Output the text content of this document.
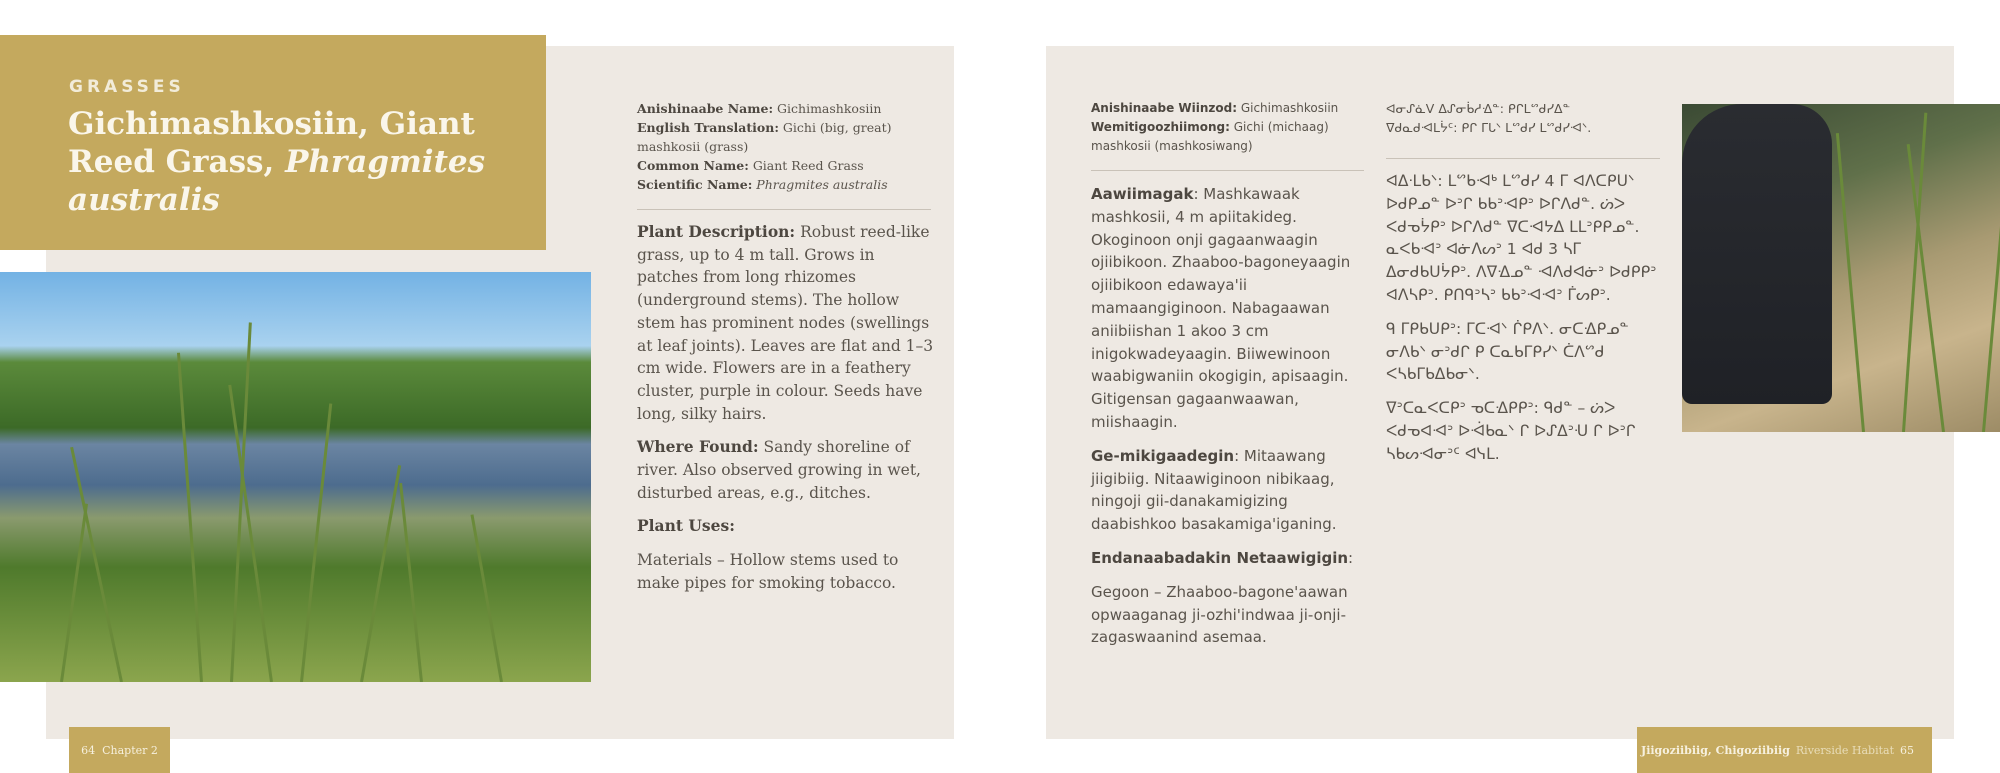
GRASSES
Gichimashkosiin, Giant Reed Grass, Phragmites australis
Anishinaabe Name: Gichimashkosiin
English Translation: Gichi (big, great) mashkosii (grass)
Common Name: Giant Reed Grass
Scientific Name: Phragmites australis

Plant Description: Robust reed-like grass, up to 4 m tall. Grows in patches from long rhizomes (underground stems). The hollow stem has prominent nodes (swellings at leaf joints). Leaves are flat and 1–3 cm wide. Flowers are in a feathery cluster, purple in colour. Seeds have long, silky hairs.

Where Found: Sandy shoreline of river. Also observed growing in wet, disturbed areas, e.g., ditches.

Plant Uses:

Materials – Hollow stems used to make pipes for smoking tobacco.

64
Chapter 2
Anishinaabe Wiinzod: Gichimashkosiin
Wemitigoozhiimong: Gichi (michaag) mashkosii (mashkosiwang)

Aawiimagak: Mashkawaak mashkosii, 4 m apiitakideg. Okoginoon onji gagaanwaagin ojiibikoon. Zhaaboo-bagoneyaagin ojiibikoon edawaya'ii mamaangiginoon. Nabagaawan aniibiishan 1 akoo 3 cm inigokwadeyaagin. Biiwewinoon waabigwaniin okogigin, apisaagin. Gitigensan gagaanwaawan, miishaagin.

Ge-mikigaadegin: Mitaawang jiigibiig. Nitaawiginoon nibikaag, ningoji gii-danakamigizing daabishkoo basakamiga'iganing.

Endanaabadakin Netaawigigin:

Gegoon – Zhaaboo-bagone'aawan opwaaganag ji-ozhi'indwaa ji-onji-zagaswaanind asemaa.

ᐊᓂᔑᓈᐯ ᐃᔑᓂᑳᓱᐎᓐ: ᑭᒋᒪᔥᑯᓯᐃᓐ
ᐁᑯᓇᑯᐗᒪᔮᑦ: ᑭᒋ ᒥᒐᐠ ᒪᔥᑯᓯ ᒪᔥᑯᓯᐗᐠ.

ᐊᐃᐧᒪᑲᐠ: ᒪᔥᑲᐗᒃ ᒪᔥᑯᓯ 4 ᒥ ᐊᐱᑕᑭᑌᐠ ᐅᑯᑭᓄᓐ ᐅᐣᒋ ᑲᑲᐣᐗᑭᐣ ᐅᒋᐱᑯᓐ. ᔖᐳ ᐸᑯᓀᔮᑭᐣ ᐅᒋᐱᑯᓐ ᐁᑕᐗᔭᐃ ᒪᒪᐣᑭᑭᓄᓐ. ᓇᐸᑲᐗᐣ ᐊᓃᐱᔕᐣ 1 ᐊᑯ 3 ᓴᒥ ᐃᓂᑯᑲᑌᔮᑭᐣ. ᐱᐁᐎᓄᓐ ᐗᐱᑯᐊᓃᐣ ᐅᑯᑭᑭᐣ ᐊᐱᓴᑭᐣ. ᑭᑎᑫᐣᓴᐣ ᑲᑲᐣᐗᐗᐣ ᒦᔕᑭᐣ.

ᑫ ᒥᑭᑲᑌᑭᐣ: ᒥᑕᐗᐠ ᒌᑭᐱᐠ. ᓂᑕᐎᑭᓄᓐ ᓂᐱᑲᐠ ᓂᐣᑯᒋ ᑭ ᑕᓇᑲᒥᑭᓯᐠ ᑖᐱᔥᑯ ᐸᓴᑲᒥᑲᐃᑲᓂᐠ.

ᐁᐣᑕᓇᐸᑕᑭᐣ ᓀᑕᐎᑭᑭᐣ: ᑫᑯᓐ – ᔖᐳ ᐸᑯᓀᐊᐗᐣ ᐅᐙᑲᓇᐠ ᒋ ᐅᔑᐃᐣᑗ ᒋ ᐅᐣᒋ ᓴᑲᔕᐗᓂᐣᑦ ᐊᓭᒪ.

Jiigoziibiig, Chigoziibiig Riverside Habitat 65
